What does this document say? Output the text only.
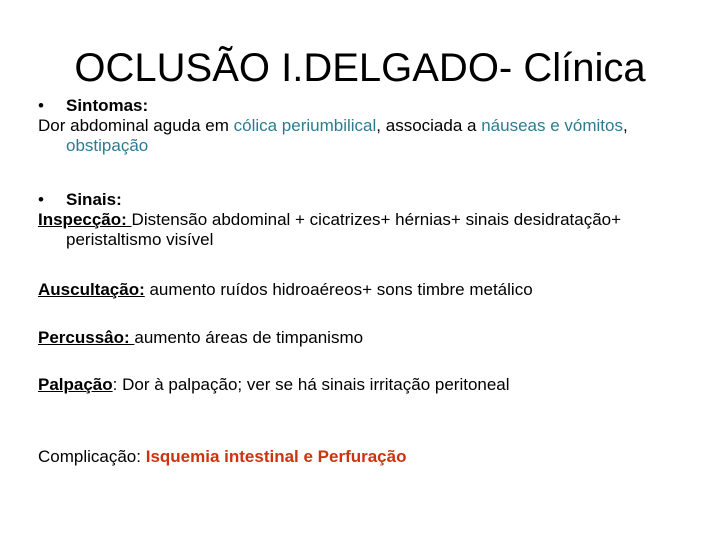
OCLUSÃO I.DELGADO- Clínica
•	Sintomas:
Dor abdominal aguda em cólica periumbilical, associada a náuseas e vómitos, obstipação
•	Sinais:
Inspecção: Distensão abdominal + cicatrizes+ hérnias+ sinais desidratação+ peristaltismo visível
Auscultação: aumento ruídos hidroaéreos+ sons timbre metálico
Percussâo: aumento áreas de timpanismo
Palpação: Dor à palpação; ver se há sinais irritação peritoneal
Complicação: Isquemia intestinal e Perfuração
